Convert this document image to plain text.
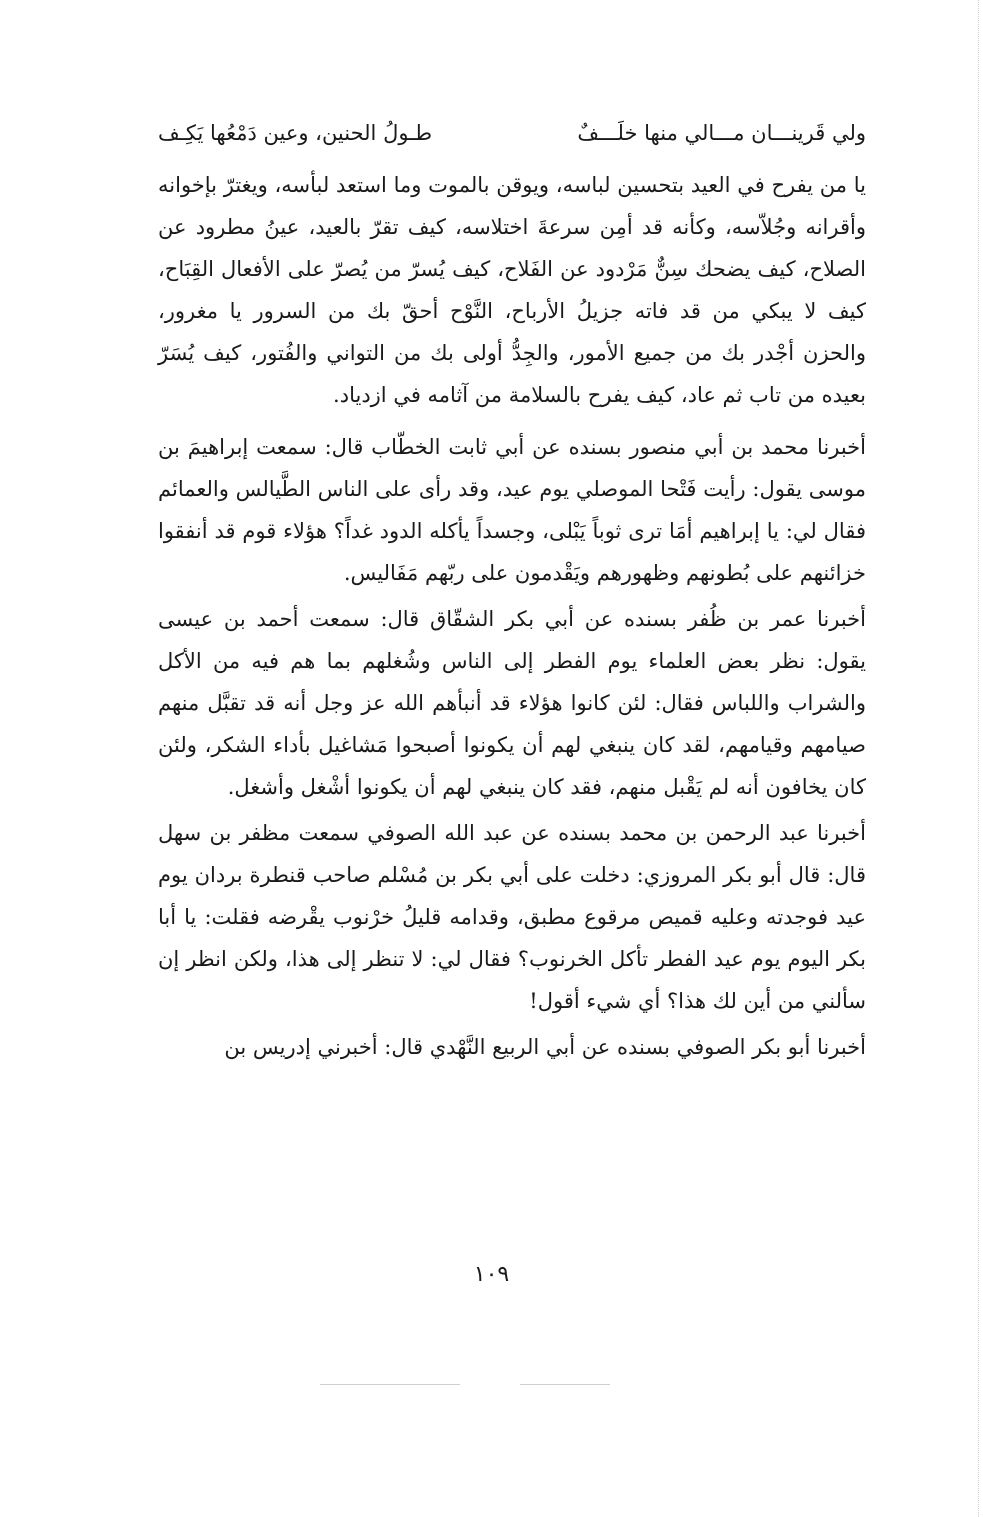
ولي قَرينـــان مـــالي منها خلَـــفٌ
طـولُ الحنين، وعين دَمْعُها يَكِـف

يا من يفرح في العيد بتحسين لباسه، ويوقن بالموت وما استعد لبأسه، ويغترّ بإخوانه وأقرانه وجُلاّسه، وكأنه قد أمِن سرعةَ اختلاسه، كيف تقرّ بالعيد، عينُ مطرود عن الصلاح، كيف يضحك سِنٌّ مَرْدود عن الفَلاح، كيف يُسرّ من يُصرّ على الأفعال القِبَاح، كيف لا يبكي من قد فاته جزيلُ الأرباح، النَّوْح أحقّ بك من السرور يا مغرور، والحزن أجْدر بك من جميع الأمور، والجِدُّ أولى بك من التواني والفُتور، كيف يُسَرّ بعيده من تاب ثم عاد، كيف يفرح بالسلامة من آثامه في ازدياد.

أخبرنا محمد بن أبي منصور بسنده عن أبي ثابت الخطّاب قال: سمعت إبراهيمَ بن موسى يقول: رأيت فَتْحا الموصلي يوم عيد، وقد رأى على الناس الطَّيالس والعمائم فقال لي: يا إبراهيم أمَا ترى ثوباً يَبْلى، وجسداً يأكله الدود غداً؟ هؤلاء قوم قد أنفقوا خزائنهم على بُطونهم وظهورهم ويَقْدمون على ربّهم مَفَاليس.

أخبرنا عمر بن ظُفر بسنده عن أبي بكر الشقّاق قال: سمعت أحمد بن عيسى يقول: نظر بعض العلماء يوم الفطر إلى الناس وشُغلهم بما هم فيه من الأكل والشراب واللباس فقال: لئن كانوا هؤلاء قد أنبأهم الله عز وجل أنه قد تقبَّل منهم صيامهم وقيامهم، لقد كان ينبغي لهم أن يكونوا أصبحوا مَشاغيل بأداء الشكر، ولئن كان يخافون أنه لم يَقْبل منهم، فقد كان ينبغي لهم أن يكونوا أشْغل وأشغل.

أخبرنا عبد الرحمن بن محمد بسنده عن عبد الله الصوفي سمعت مظفر بن سهل قال: قال أبو بكر المروزي: دخلت على أبي بكر بن مُسْلم صاحب قنطرة بردان يوم عيد فوجدته وعليه قميص مرقوع مطبق، وقدامه قليلُ خرْنوب يقْرضه فقلت: يا أبا بكر اليوم يوم عيد الفطر تأكل الخرنوب؟ فقال لي: لا تنظر إلى هذا، ولكن انظر إن سألني من أين لك هذا؟ أي شيء أقول!

أخبرنا أبو بكر الصوفي بسنده عن أبي الربيع النَّهْدي قال: أخبرني إدريس بن

١٠٩
